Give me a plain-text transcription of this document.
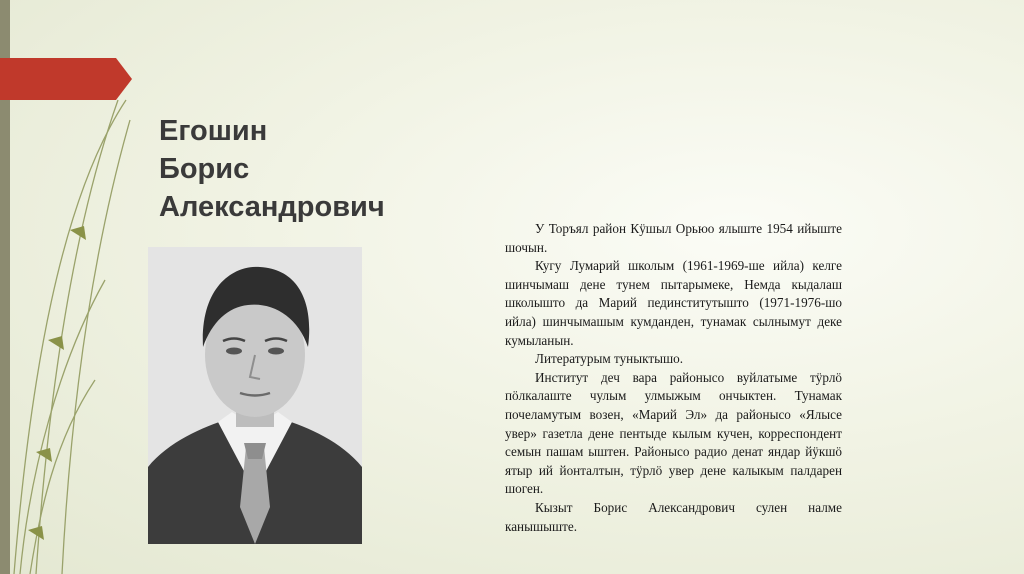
Егошин
Борис
Александрович

У Торъял район Кӱшыл Орьюо ялыште 1954 ийыште шочын.

Кугу Лумарий школым (1961-1969-ше ийла) келге шинчымаш дене тунем пытарымеке, Немда кыдалаш школышто да Марий пединститутышто (1971-1976-шо ийла) шинчымашым кумданден, тунамак сылнымут деке кумыланын.

Литературым туныктышо.

Институт деч вара районысо вуйлатыме тӱрлӧ пӧлкалаште чулым улмыжым ончыктен. Тунамак почеламутым возен, «Марий Эл» да районысо «Ялысе увер» газетла дене пентыде кылым кучен, корреспондент семын пашам ыштен. Районысо радио денат яндар йӱкшӧ ятыр ий йонталтын, тӱрлӧ увер дене калыкым палдарен шоген.

Кызыт Борис Александрович сулен налме канышыште.
